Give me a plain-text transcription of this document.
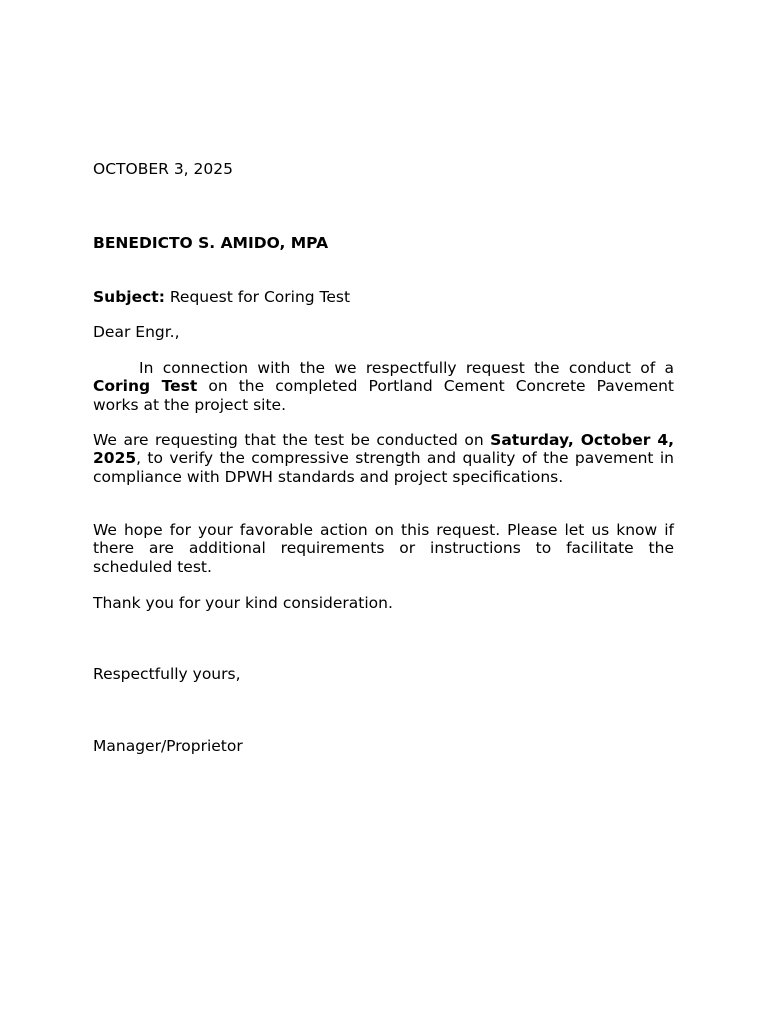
OCTOBER 3, 2025

BENEDICTO S. AMIDO, MPA

Subject: Request for Coring Test

Dear Engr.,

In connection with the we respectfully request the conduct of a Coring Test on the completed Portland Cement Concrete Pavement works at the project site.

We are requesting that the test be conducted on Saturday, October 4, 2025, to verify the compressive strength and quality of the pavement in compliance with DPWH standards and project specifications.

We hope for your favorable action on this request. Please let us know if there are additional requirements or instructions to facilitate the scheduled test.

Thank you for your kind consideration.

Respectfully yours,

Manager/Proprietor
